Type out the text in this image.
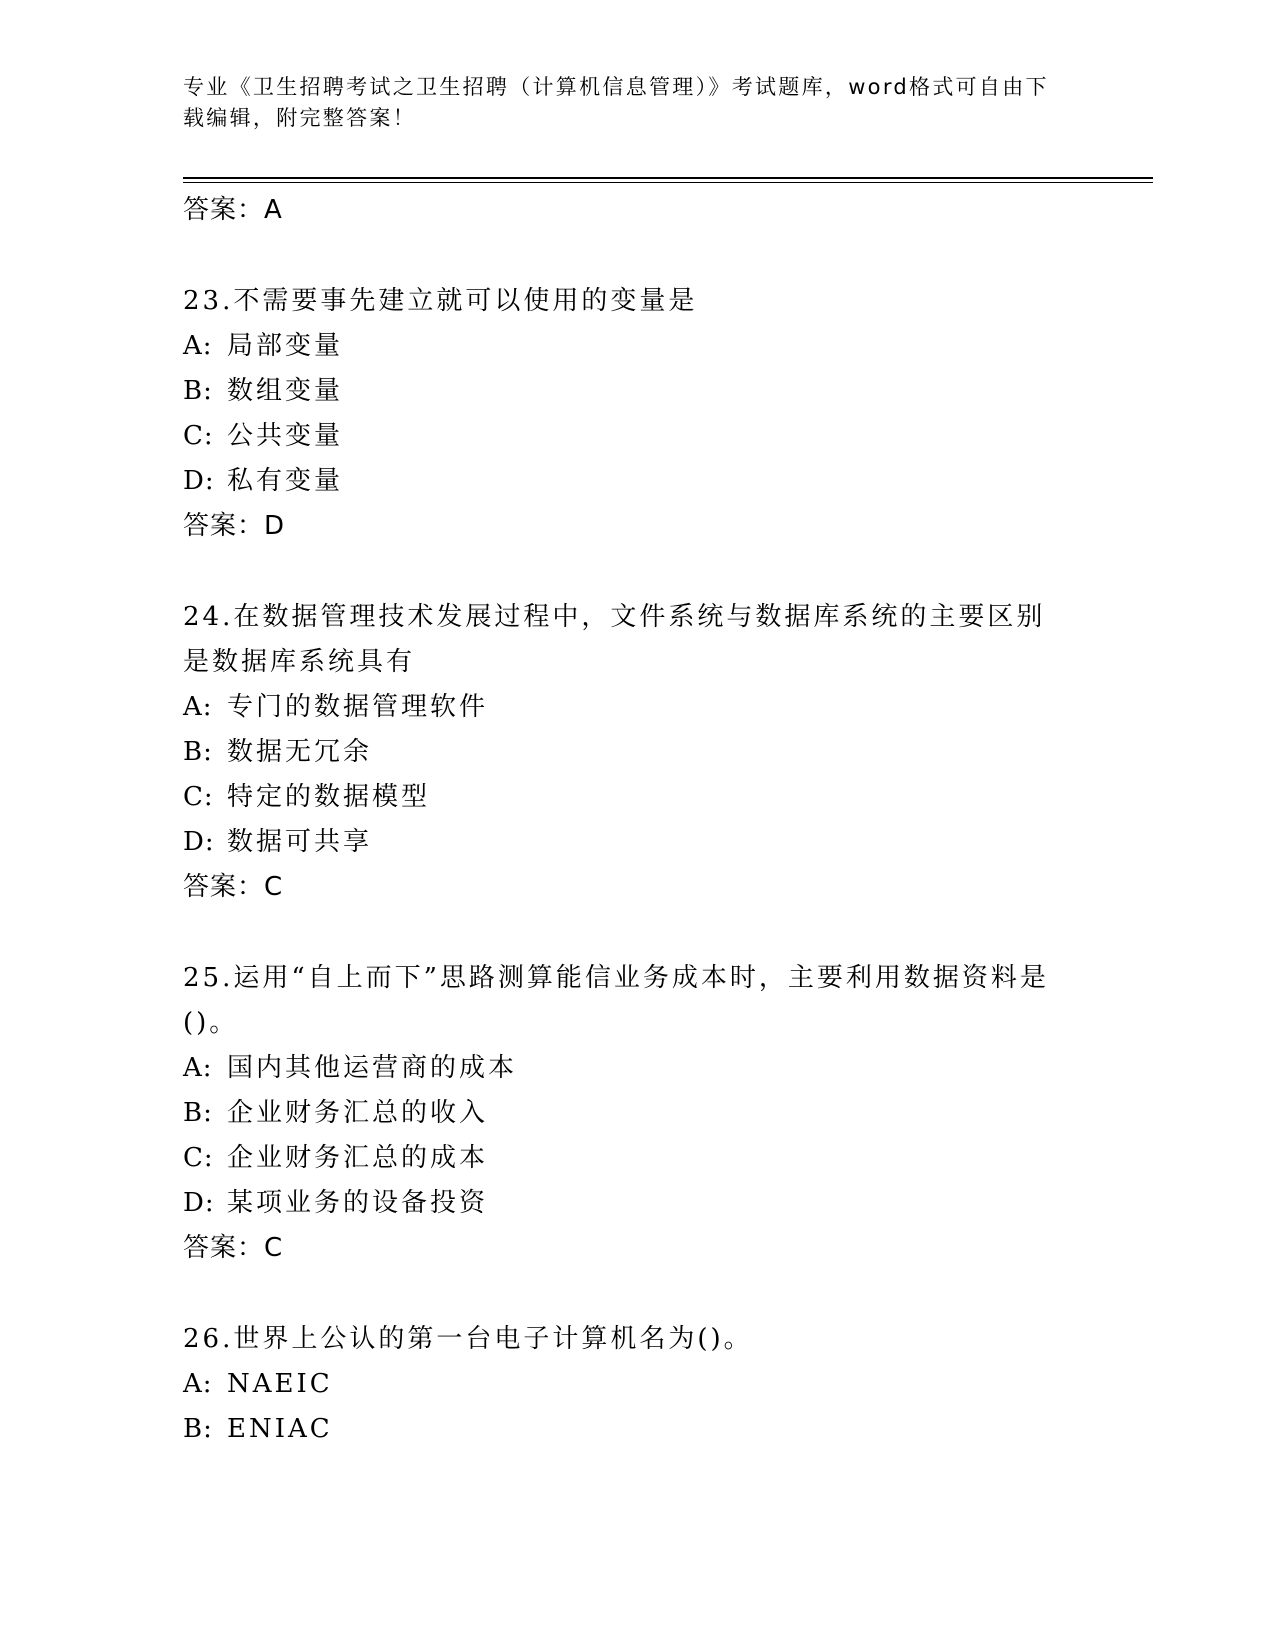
专业《卫生招聘考试之卫生招聘（计算机信息管理）》考试题库，word格式可自由下载编辑，附完整答案！
答案：A
23.不需要事先建立就可以使用的变量是
A: 局部变量
B: 数组变量
C: 公共变量
D: 私有变量
答案：D
24.在数据管理技术发展过程中，文件系统与数据库系统的主要区别是数据库系统具有
A: 专门的数据管理软件
B: 数据无冗余
C: 特定的数据模型
D: 数据可共享
答案：C
25.运用“自上而下”思路测算能信业务成本时，主要利用数据资料是()。
A: 国内其他运营商的成本
B: 企业财务汇总的收入
C: 企业财务汇总的成本
D: 某项业务的设备投资
答案：C
26.世界上公认的第一台电子计算机名为()。
A: NAEIC
B: ENIAC
